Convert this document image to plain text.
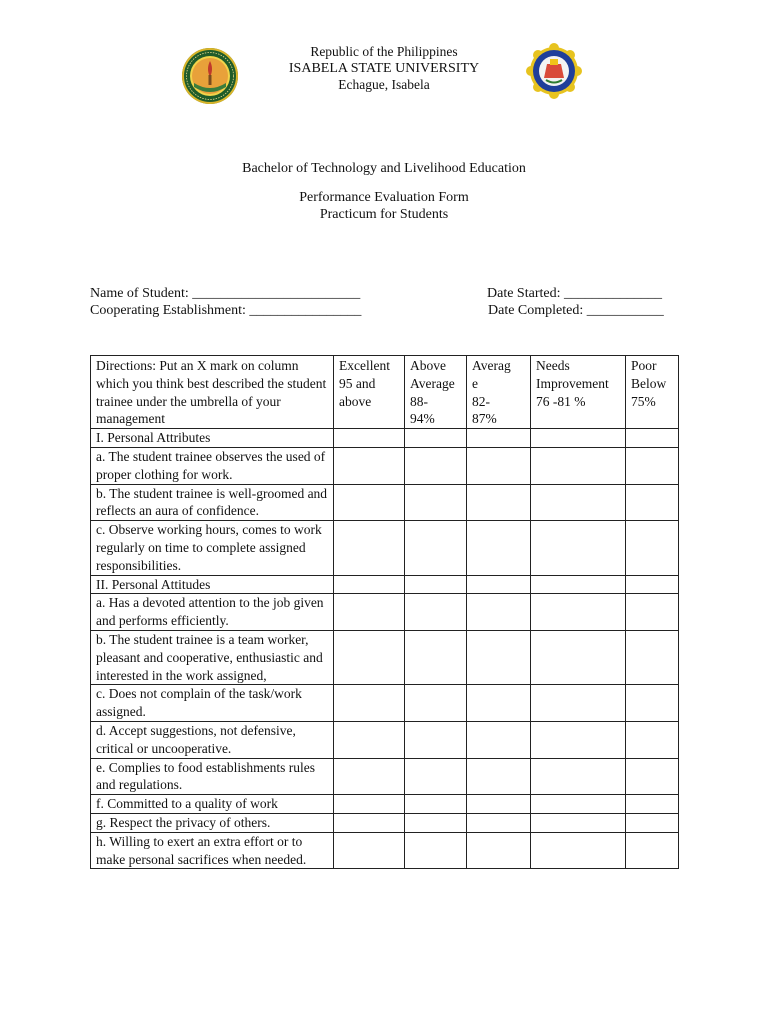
Republic of the Philippines
ISABELA STATE UNIVERSITY
Echague, Isabela
Bachelor of Technology and Livelihood Education
Performance Evaluation Form
Practicum for Students
Name of Student: ________________________
Cooperating Establishment: ________________
Date Started: ______________
Date Completed: ___________
Directions: Put an X mark on column which you think best described the student trainee under the umbrella of your management	Excellent
95 and
above	Above
Average
88-
94%	Averag
e
82-
87%	Needs
Improvement
76 -81 %	Poor
Below
75%
I. Personal Attributes					
a. The student trainee observes the used of proper clothing for work.					
b. The student trainee is well-groomed and reflects an aura of confidence.					
c. Observe working hours, comes to work regularly on time to complete assigned responsibilities.					
II. Personal Attitudes					
a. Has a devoted attention to the job given and performs efficiently.					
b. The student trainee is a team worker, pleasant and cooperative, enthusiastic and interested in the work assigned,					
c. Does not complain of the task/work assigned.					
d. Accept suggestions, not defensive, critical or uncooperative.					
e. Complies to food establishments rules and regulations.					
f. Committed to a quality of work					
g. Respect the privacy of others.					
h. Willing to exert an extra effort or to make personal sacrifices when needed.					
